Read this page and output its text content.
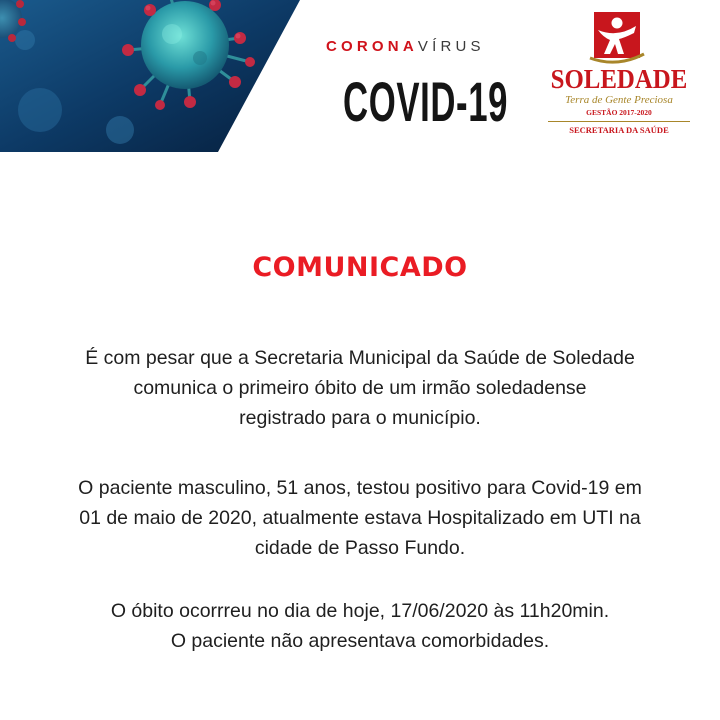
CORONAVÍRUS
COVID-19 SOLEDADE
Terra de Gente Preciosa
GESTÃO 2017-2020
SECRETARIA DA SAÚDE
COMUNICADO
É com pesar que a Secretaria Municipal da Saúde de Soledade
comunica o primeiro óbito de um irmão soledadense
registrado para o município.
O paciente masculino, 51 anos, testou positivo para Covid-19 em
01 de maio de 2020, atualmente estava Hospitalizado em UTI na
cidade de Passo Fundo.
O óbito ocorrreu no dia de hoje, 17/06/2020 às 11h20min.
O paciente não apresentava comorbidades.
